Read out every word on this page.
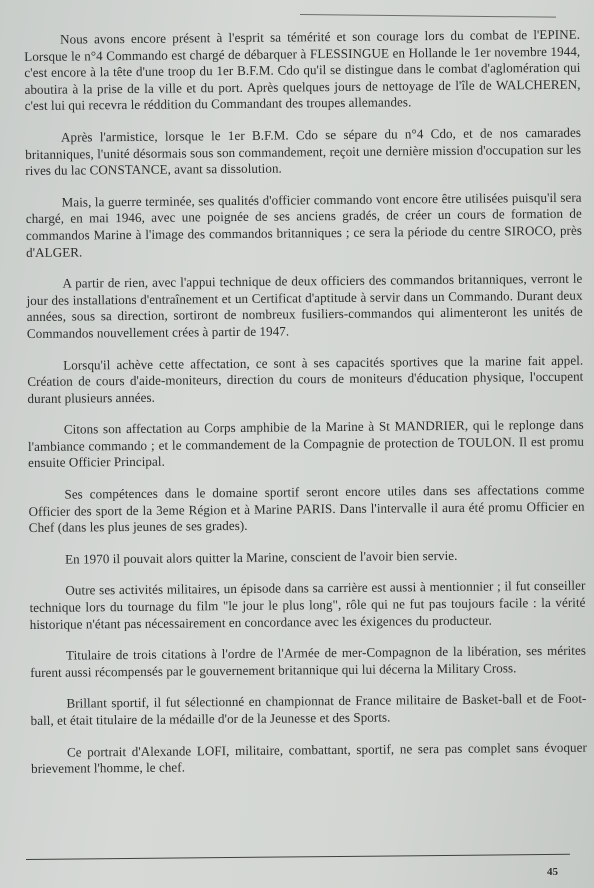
Nous avons encore présent à l'esprit sa témérité et son courage lors du combat de l'EPINE. Lorsque le n°4 Commando est chargé de débarquer à FLESSINGUE en Hollande le 1er novembre 1944, c'est encore à la tête d'une troop du 1er B.F.M. Cdo qu'il se distingue dans le combat d'aglomération qui aboutira à la prise de la ville et du port. Après quelques jours de nettoyage de l'île de WALCHEREN, c'est lui qui recevra le réddition du Commandant des troupes allemandes.

Après l'armistice, lorsque le 1er B.F.M. Cdo se sépare du n°4 Cdo, et de nos camarades britanniques, l'unité désormais sous son commandement, reçoit une dernière mission d'occupation sur les rives du lac CONSTANCE, avant sa dissolution.

Mais, la guerre terminée, ses qualités d'officier commando vont encore être utilisées puisqu'il sera chargé, en mai 1946, avec une poignée de ses anciens gradés, de créer un cours de formation de commandos Marine à l'image des commandos britanniques ; ce sera la période du centre SIROCO, près d'ALGER.

A partir de rien, avec l'appui technique de deux officiers des commandos britanniques, verront le jour des installations d'entraînement et un Certificat d'aptitude à servir dans un Commando. Durant deux années, sous sa direction, sortiront de nombreux fusiliers-commandos qui alimenteront les unités de Commandos nouvellement crées à partir de 1947.

Lorsqu'il achève cette affectation, ce sont à ses capacités sportives que la marine fait appel. Création de cours d'aide-moniteurs, direction du cours de moniteurs d'éducation physique, l'occupent durant plusieurs années.

Citons son affectation au Corps amphibie de la Marine à St MANDRIER, qui le replonge dans l'ambiance commando ; et le commandement de la Compagnie de protection de TOULON. Il est promu ensuite Officier Principal.

Ses compétences dans le domaine sportif seront encore utiles dans ses affectations comme Officier des sport de la 3eme Région et à Marine PARIS. Dans l'intervalle il aura été promu Officier en Chef (dans les plus jeunes de ses grades).

En 1970 il pouvait alors quitter la Marine, conscient de l'avoir bien servie.

Outre ses activités militaires, un épisode dans sa carrière est aussi à mentionnier ; il fut conseiller technique lors du tournage du film "le jour le plus long", rôle qui ne fut pas toujours facile : la vérité historique n'étant pas nécessairement en concordance avec les éxigences du producteur.

Titulaire de trois citations à l'ordre de l'Armée de mer-Compagnon de la libération, ses mérites furent aussi récompensés par le gouvernement britannique qui lui décerna la Military Cross.

Brillant sportif, il fut sélectionné en championnat de France militaire de Basket-ball et de Foot-ball, et était titulaire de la médaille d'or de la Jeunesse et des Sports.

Ce portrait d'Alexande LOFI, militaire, combattant, sportif, ne sera pas complet sans évoquer brievement l'homme, le chef.

45
